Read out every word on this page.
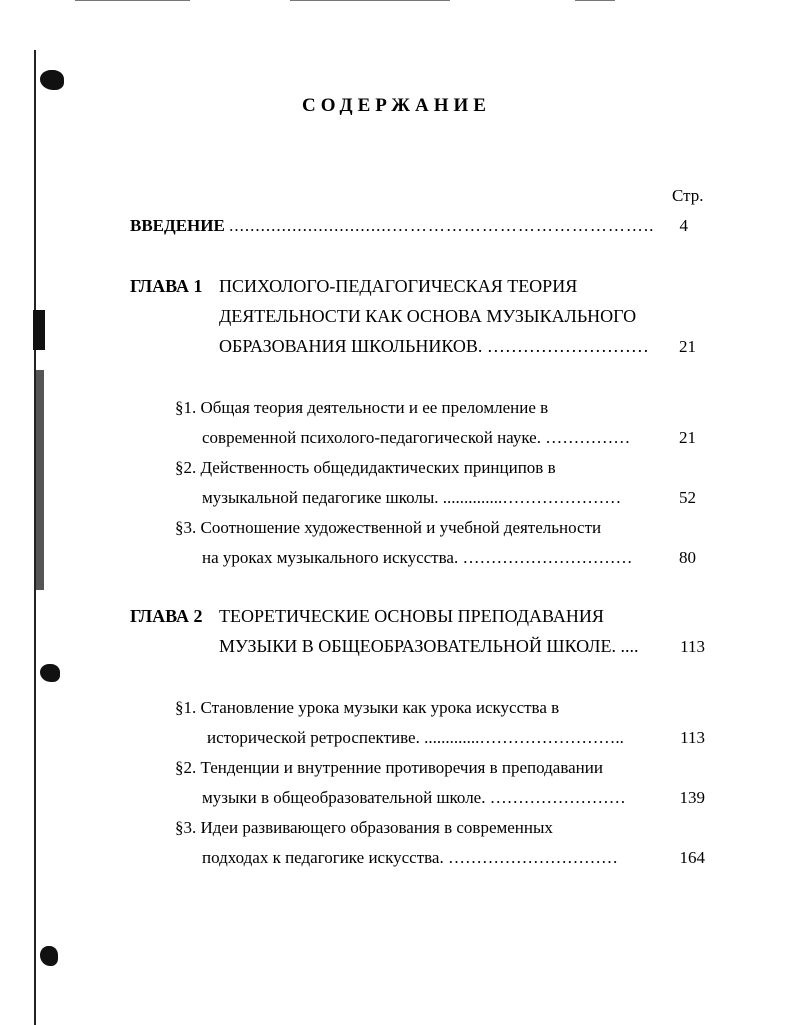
СОДЕРЖАНИЕ
Стр.
ВВЕДЕНИЕ ...............................……………………………………..	4
ГЛАВА 1 ПСИХОЛОГО-ПЕДАГОГИЧЕСКАЯ ТЕОРИЯ
ДЕЯТЕЛЬНОСТИ КАК ОСНОВА МУЗЫКАЛЬНОГО
ОБРАЗОВАНИЯ ШКОЛЬНИКОВ. ………………………	21
§1. Общая теория деятельности и ее преломление в
современной психолого-педагогической науке. ……………	21
§2. Действенность общедидактических принципов в
музыкальной педагогике школы. ..............…………………	52
§3. Соотношение художественной и учебной деятельности
на уроках музыкального искусства. …………………………	80
ГЛАВА 2 ТЕОРЕТИЧЕСКИЕ ОСНОВЫ ПРЕПОДАВАНИЯ
МУЗЫКИ В ОБЩЕОБРАЗОВАТЕЛЬНОЙ ШКОЛЕ. ....	113
§1. Становление урока музыки как урока искусства в
исторической ретроспективе. .............……………………..	113
§2. Тенденции и внутренние противоречия в преподавании
музыки в общеобразовательной школе. ……………………	139
§3. Идеи развивающего образования в современных
подходах к педагогике искусства. …………………………	164
